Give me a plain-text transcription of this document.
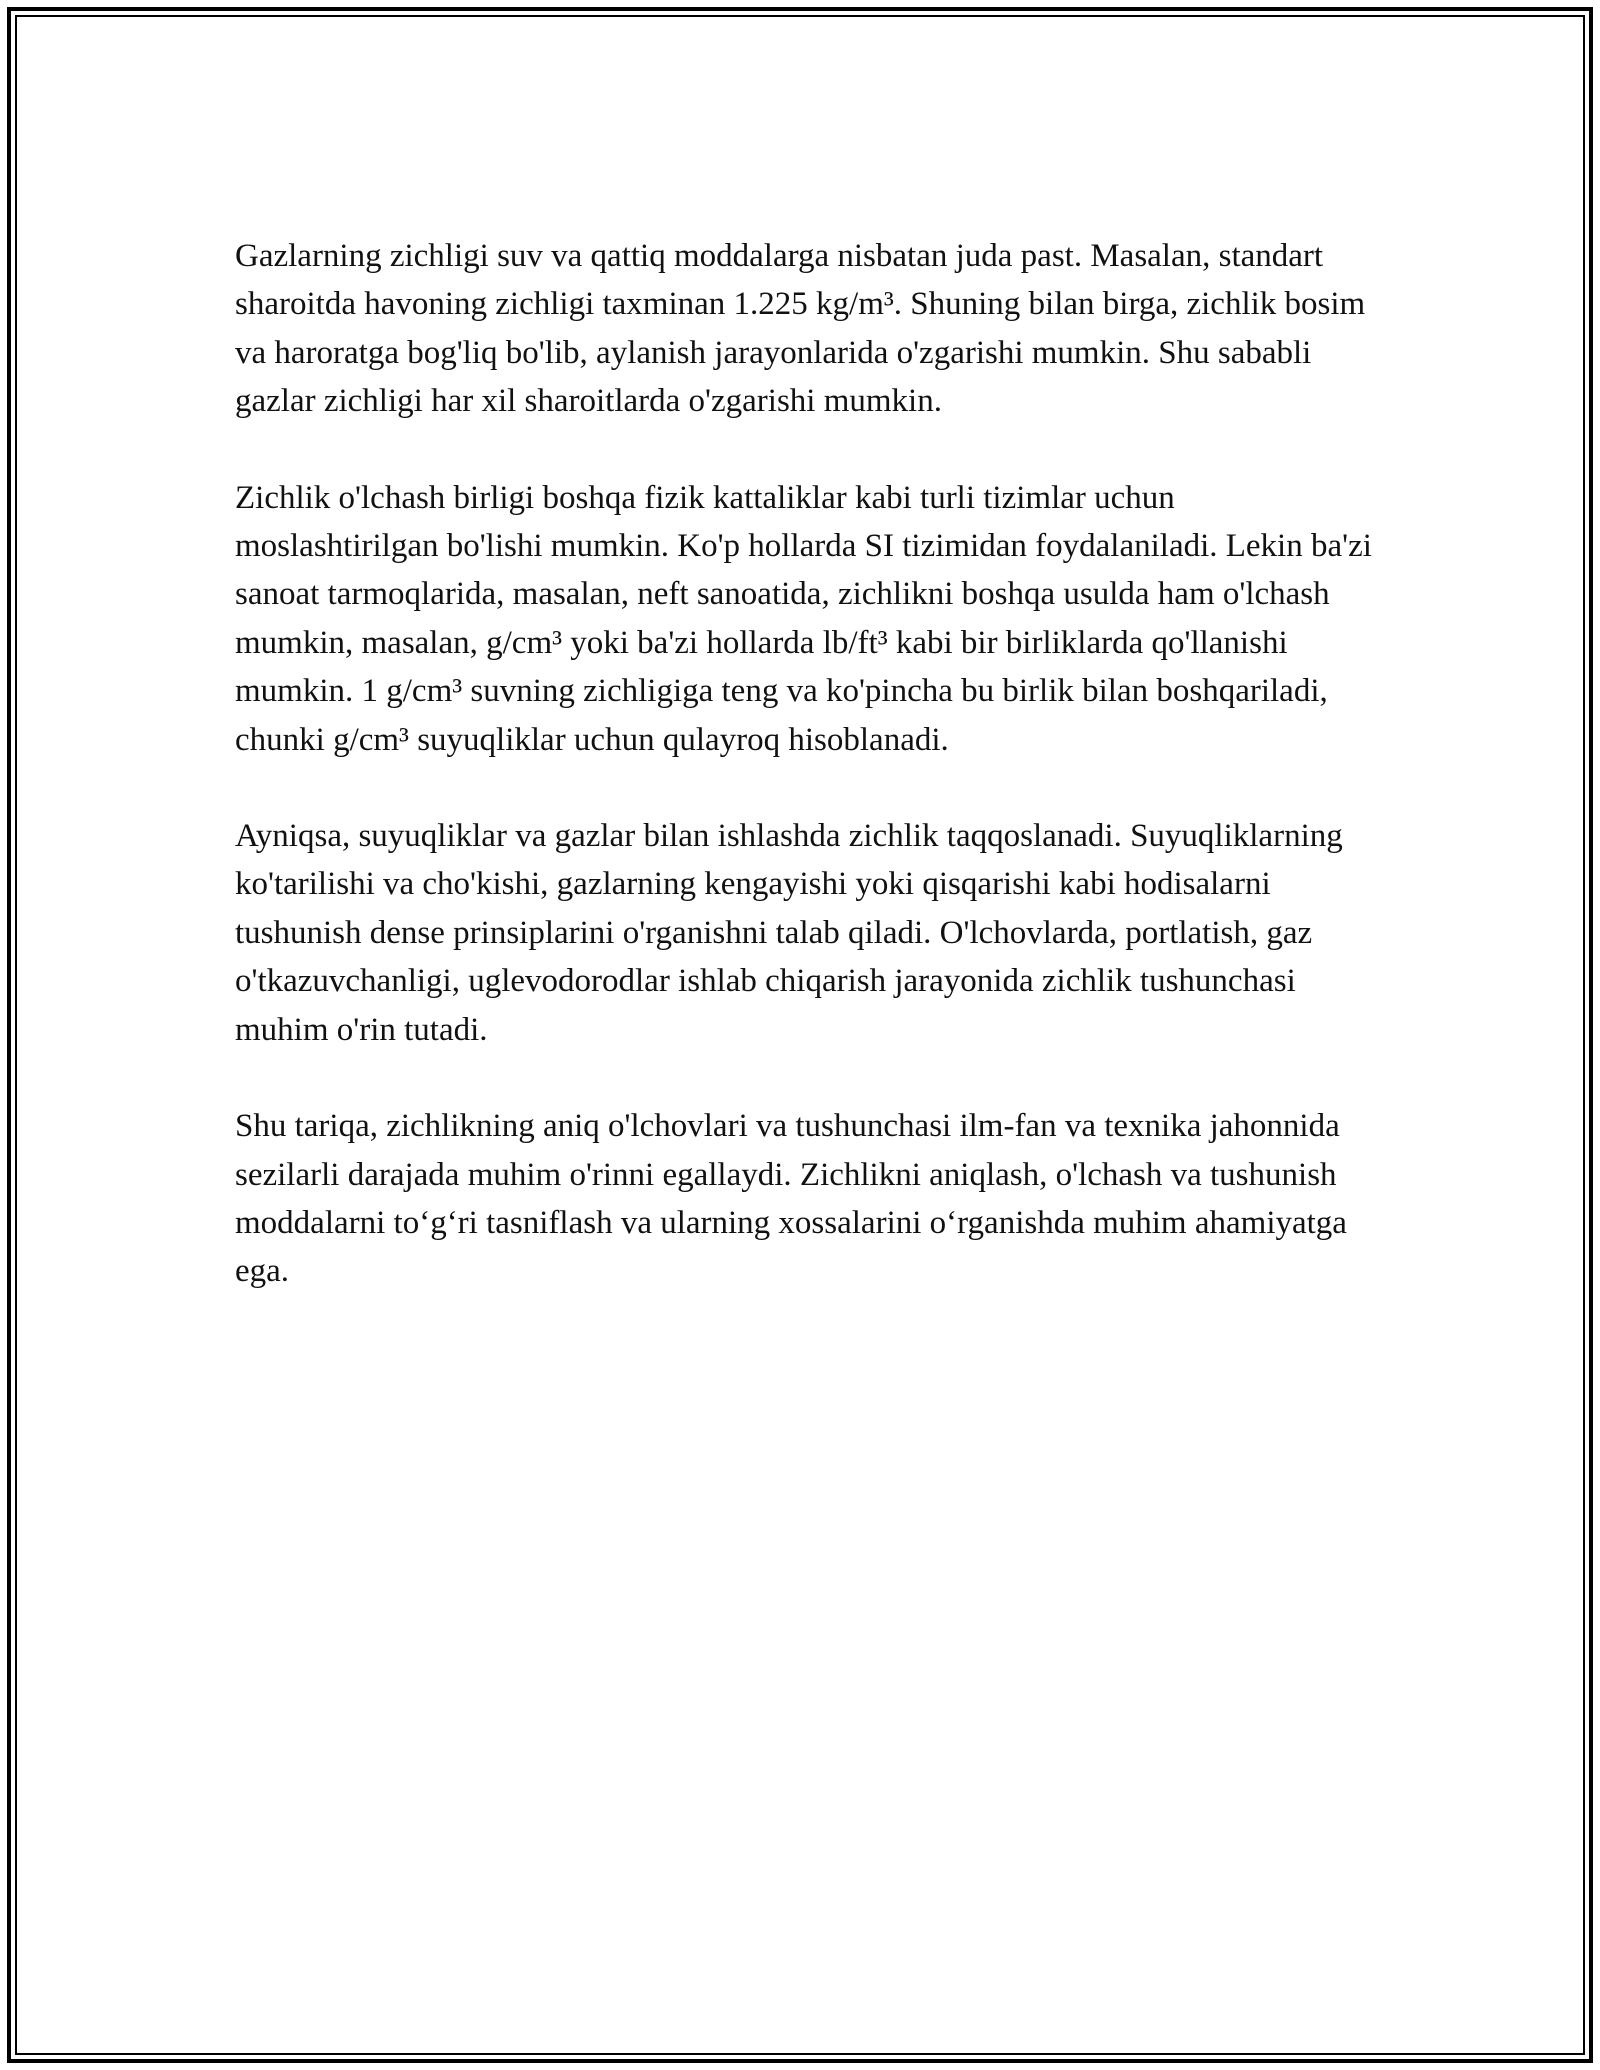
Gazlarning zichligi suv va qattiq moddalarga nisbatan juda past. Masalan, standart sharoitda havoning zichligi taxminan 1.225 kg/m³. Shuning bilan birga, zichlik bosim va haroratga bog'liq bo'lib, aylanish jarayonlarida o'zgarishi mumkin. Shu sababli gazlar zichligi har xil sharoitlarda o'zgarishi mumkin.

Zichlik o'lchash birligi boshqa fizik kattaliklar kabi turli tizimlar uchun moslashtirilgan bo'lishi mumkin. Ko'p hollarda SI tizimidan foydalaniladi. Lekin ba'zi sanoat tarmoqlarida, masalan, neft sanoatida, zichlikni boshqa usulda ham o'lchash mumkin, masalan, g/cm³ yoki ba'zi hollarda lb/ft³ kabi bir birliklarda qo'llanishi mumkin. 1 g/cm³ suvning zichligiga teng va ko'pincha bu birlik bilan boshqariladi, chunki g/cm³ suyuqliklar uchun qulayroq hisoblanadi.

Ayniqsa, suyuqliklar va gazlar bilan ishlashda zichlik taqqoslanadi. Suyuqliklarning ko'tarilishi va cho'kishi, gazlarning kengayishi yoki qisqarishi kabi hodisalarni tushunish dense prinsiplarini o'rganishni talab qiladi. O'lchovlarda, portlatish, gaz o'tkazuvchanligi, uglevodorodlar ishlab chiqarish jarayonida zichlik tushunchasi muhim o'rin tutadi.

Shu tariqa, zichlikning aniq o'lchovlari va tushunchasi ilm-fan va texnika jahonnida sezilarli darajada muhim o'rinni egallaydi. Zichlikni aniqlash, o'lchash va tushunish moddalarni to‘g‘ri tasniflash va ularning xossalarini o‘rganishda muhim ahamiyatga ega.
